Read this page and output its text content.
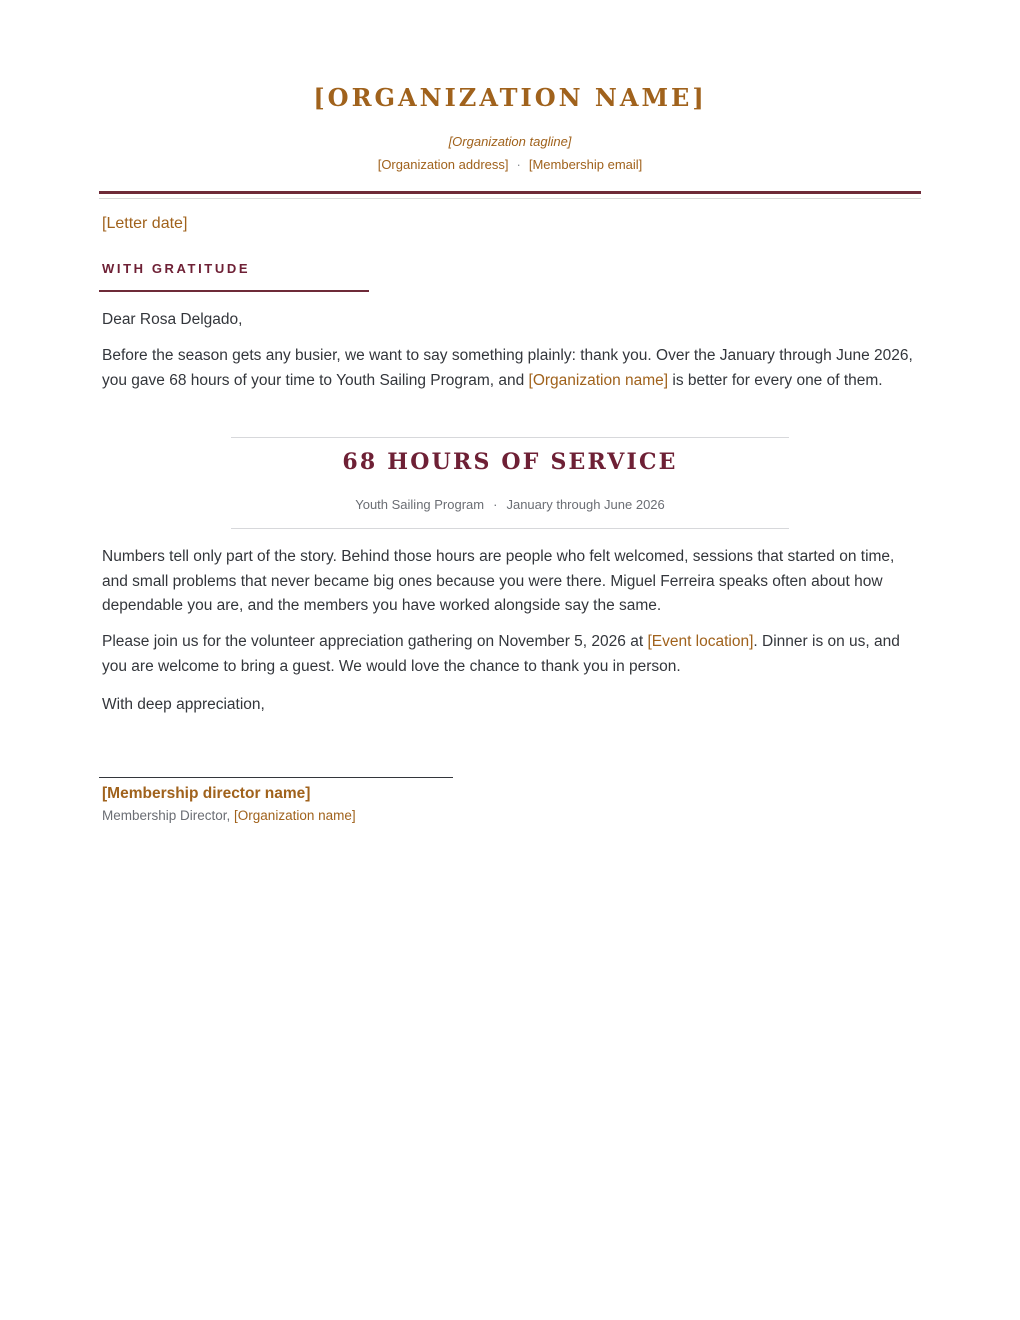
[ORGANIZATION NAME]
[Organization tagline]
[Organization address] · [Membership email]
[Letter date]
WITH GRATITUDE

Dear Rosa Delgado,

Before the season gets any busier, we want to say something plainly: thank you. Over the January through June 2026, you gave 68 hours of your time to Youth Sailing Program, and [Organization name] is better for every one of them.

68 HOURS OF SERVICE
Youth Sailing Program · January through June 2026

Numbers tell only part of the story. Behind those hours are people who felt welcomed, sessions that started on time, and small problems that never became big ones because you were there. Miguel Ferreira speaks often about how dependable you are, and the members you have worked alongside say the same.

Please join us for the volunteer appreciation gathering on November 5, 2026 at [Event location]. Dinner is on us, and you are welcome to bring a guest. We would love the chance to thank you in person.

With deep appreciation,

[Membership director name]
Membership Director, [Organization name]
